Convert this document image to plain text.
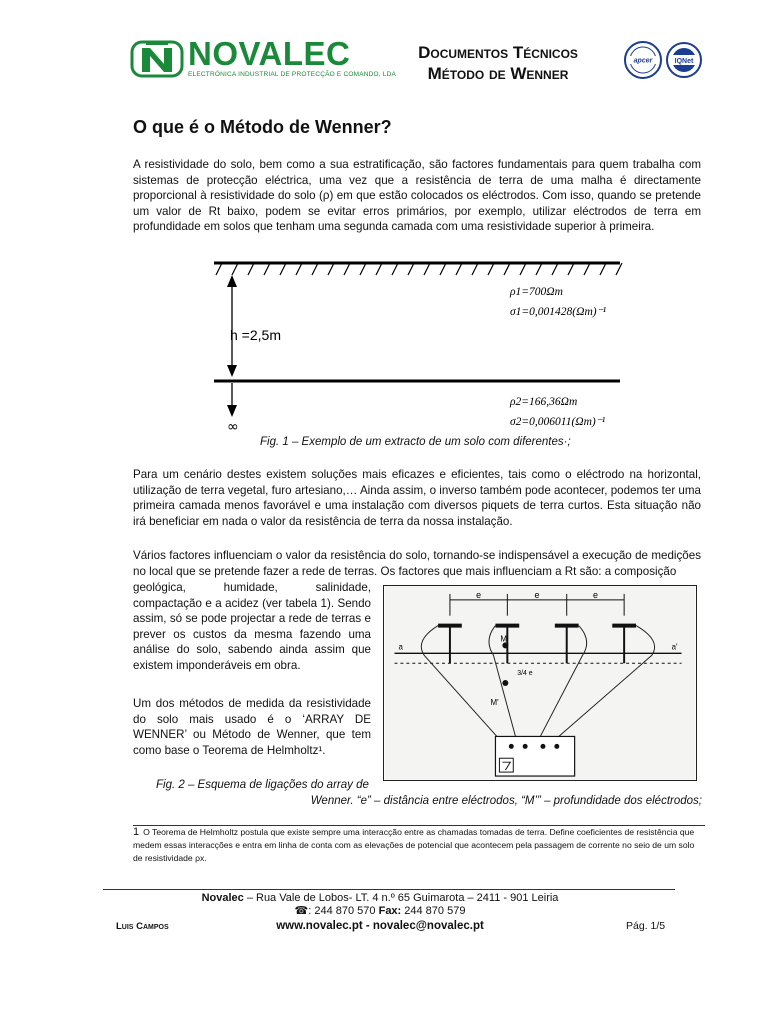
NOVALEC
ELECTRÓNICA INDUSTRIAL DE PROTECÇÃO E COMANDO, LDA
Documentos Técnicos
Método de Wenner
apcer	IQNet
O que é o Método de Wenner?

A resistividade do solo, bem como a sua estratificação, são factores fundamentais para quem trabalha com sistemas de protecção eléctrica, uma vez que a resistência de terra de uma malha é directamente proporcional à resistividade do solo (ρ) em que estão colocados os eléctrodos. Com isso, quando se pretende um valor de Rt baixo, podem se evitar erros primários, por exemplo, utilizar eléctrodos de terra em profundidade em solos que tenham uma segunda camada com uma resistividade superior à primeira.

h =2,5m
∞
ρ1=700Ωm
σ1=0,001428(Ωm)⁻¹
ρ2=166,36Ωm
σ2=0,006011(Ωm)⁻¹
Fig. 1 – Exemplo de um extracto de um solo com diferentes·;

Para um cenário destes existem soluções mais eficazes e eficientes, tais como o eléctrodo na horizontal, utilização de terra vegetal, furo artesiano,… Ainda assim, o inverso também pode acontecer, podemos ter uma primeira camada menos favorável e uma instalação com diversos piquets de terra curtos. Esta situação não irá beneficiar em nada o valor da resistência de terra da nossa instalação.

Vários factores influenciam o valor da resistência do solo, tornando-se indispensável a execução de medições no local que se pretende fazer a rede de terras. Os factores que mais influenciam a Rt são: a composição

geológica, humidade, salinidade, compactação e a acidez (ver tabela 1). Sendo assim, só se pode projectar a rede de terras e prever os custos da mesma fazendo uma análise do solo, sabendo ainda assim que existem imponderáveis em obra.

Um dos métodos de medida da resistividade do solo mais usado é o ‘ARRAY DE WENNER’ ou Método de Wenner, que tem como base o Teorema de Helmholtz¹.

e	e	e
M
M'
3/4 e
a	a'
Fig. 2 – Esquema de ligações do array de
Wenner. “e” – distância entre eléctrodos, “M’” – profundidade dos eléctrodos;
1 O Teorema de Helmholtz postula que existe sempre uma interacção entre as chamadas tomadas de terra. Define coeficientes de resistência que medem essas interacções e entra em linha de conta com as elevações de potencial que acontecem pela passagem de corrente no seio de um solo de resistividade ρx.
Novalec – Rua Vale de Lobos- LT. 4 n.º 65 Guimarota – 2411 - 901 Leiria
☎: 244 870 570 Fax: 244 870 579
www.novalec.pt - novalec@novalec.pt
Luis Campos	Pág. 1/5
